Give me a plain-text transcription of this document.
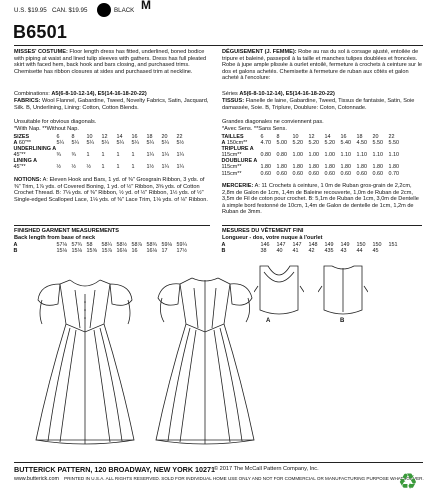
U.S. $19.95 CAN. $19.95	BLACK M
B6501
MISSES' COSTUME: Floor length dress has fitted, underlined, boned bodice with piping at waist and lined tulip sleeves with gathers. Dress has full pleated skirt with faced hem, back hook and bars closing, and purchased trims. Chemisette has ribbon closures at sides and purchased trim at neckline.
Combinations: A5(6-8-10-12-14), E5(14-16-18-20-22)
FABRICS: Wool Flannel, Gabardine, Tweed, Novelty Fabrics, Satin, Jacquard, Silk. B, Underlining, Lining: Cotton, Cotton Blends.
Unsuitable for obvious diagonals.
*With Nap. **Without Nap.
SIZES	6	8	10	12	14	16	18	20	22
A 60"**	5¼	5¼	5¼	5¼	5¼	5¼	5¼	5¼	5½
UNDERLINING A									
45"**	¾	¾	1	1	1	1	1¼	1¼	1¼
LINING A									
45"**	½	½	½	1	1	1	1½	1¼	1¼
NOTIONS: A: Eleven Hook and Bars, 1 yd. of ⅜" Grosgrain Ribbon, 3 yds. of ⅜" Trim, 1⅞ yds. of Covered Boning, 1 yd. of ½" Ribbon, 3⅝ yds. of Cotton Crochet Thread. B: 7⅛ yds. of ⅜" Ribbon, ½ yd. of ½" Ribbon, 1½ yds. of ½" Single-edged Scalloped Lace, 1⅛ yds. of ⅜" Lace Trim, 1⅛ yds. of ⅛" Ribbon.
FINISHED GARMENT MEASUREMENTS
Back length from base of neck
A	57⅛	57¾	58	58¼	58½	58⅞	58¾	59⅛	59¼
B	15⅛	15⅛	15⅝	15⅞	16⅛	16	16⅛	17	17½
DÉGUISEMENT (J. FEMME): Robe au ras du sol à corsage ajusté, entoilée de tripure et baleiné, passepoil à la taille et manches tulipes doublées et froncées. Robe à jupe ample plissée à ourlet entoilé, fermeture à crochets à ceinture sur le dos et galons achetés. Chemisette à fermeture de ruban aux côtés et galon acheté à l'encolure:
Séries A5(6-8-10-12-14), E5(14-16-18-20-22)
TISSUS: Flanelle de laine, Gabardine, Tweed, Tissus de fantaisie, Satin, Soie damassée, Soie. B, Triplure, Doublure: Coton, Cotonnade.
Grandes diagonales ne conviennent pas.
*Avec Sens. **Sans Sens.
TAILLES	6	8	10	12	14	16	18	20	22
A 150cm**	4.70	5.00	5.20	5.20	5.20	5.40	4.50	5.50	5.50
TRIPLURE A									
115cm**	0.80	0.80	1.00	1.00	1.00	1.10	1.10	1.10	1.10
DOUBLURE A									
115cm**	1.80	1.80	1.80	1.80	1.80	1.80	1.80	1.80	1.80
115cm**	0.60	0.60	0.60	0.60	0.60	0.60	0.60	0.60	0.70
MERCERIE: A: 11 Crochets à ceinture, 1 0m de Ruban gros-grain de 2,2cm, 2,8m de Galon de 1cm, 1,4m de Baleine recouverte, 1,0m de Ruban de 2cm, 3,5m de Fil de coton pour crochet. B: 5,1m de Ruban de 1cm, 3,0m de Dentelle à simple bord festonné de 10cm, 1,4m de Galon de dentelle de 1cm, 1,2m de Ruban de 3mm.
MESURES DU VÊTEMENT FINI
Longueur - dos, votre nuque à l'ourlet
A	146	147	147	148	149	149	150	150	151
B	38	40	41	42	435	43	44	45	
A	B
BUTTERICK PATTERN, 120 BROADWAY, NEW YORK 10271
© 2017 The McCall Pattern Company, Inc.
www.butterick.com PRINTED IN U.S.A. ALL RIGHTS RESERVED. SOLD FOR INDIVIDUAL HOME USE ONLY AND NOT FOR COMMERCIAL OR MANUFACTURING PURPOSE WHATSOEVER.
♻
